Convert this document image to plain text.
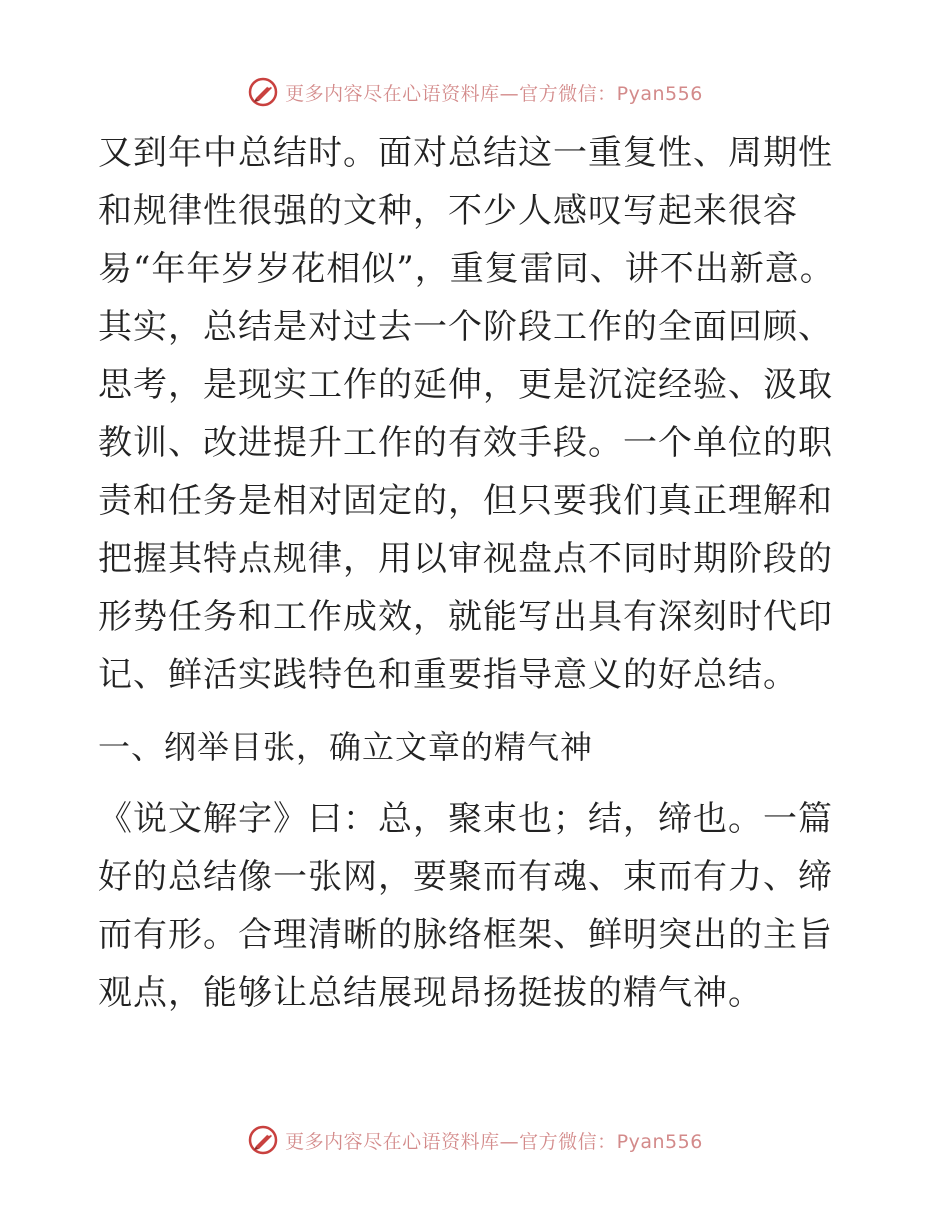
更多内容尽在心语资料库—官方微信：Pyan556

又到年中总结时。面对总结这一重复性、周期性和规律性很强的文种，不少人感叹写起来很容易“年年岁岁花相似”，重复雷同、讲不出新意。其实，总结是对过去一个阶段工作的全面回顾、思考，是现实工作的延伸，更是沉淀经验、汲取教训、改进提升工作的有效手段。一个单位的职责和任务是相对固定的，但只要我们真正理解和把握其特点规律，用以审视盘点不同时期阶段的形势任务和工作成效，就能写出具有深刻时代印记、鲜活实践特色和重要指导意义的好总结。

一、纲举目张，确立文章的精气神

《说文解字》曰：总，聚束也；结，缔也。一篇好的总结像一张网，要聚而有魂、束而有力、缔而有形。合理清晰的脉络框架、鲜明突出的主旨观点，能够让总结展现昂扬挺拔的精气神。

更多内容尽在心语资料库—官方微信：Pyan556
